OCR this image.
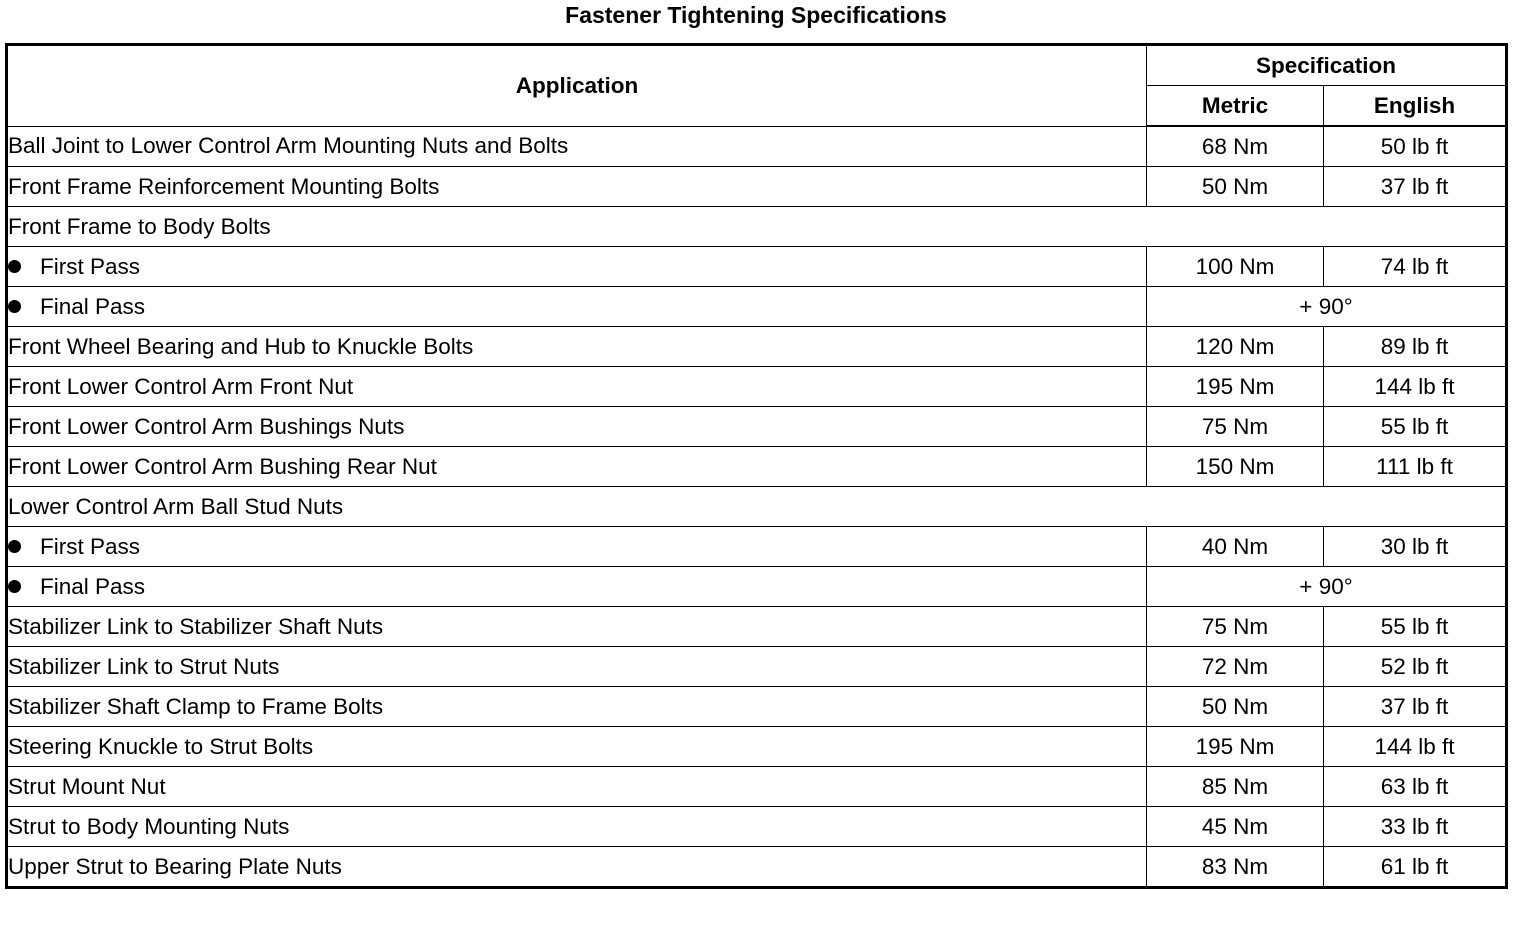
Fastener Tightening Specifications
Application	Specification	
	Metric	English
Ball Joint to Lower Control Arm Mounting Nuts and Bolts	68 Nm	50 lb ft
Front Frame Reinforcement Mounting Bolts	50 Nm	37 lb ft
Front Frame to Body Bolts		
First Pass	100 Nm	74 lb ft
Final Pass	+ 90°	
Front Wheel Bearing and Hub to Knuckle Bolts	120 Nm	89 lb ft
Front Lower Control Arm Front Nut	195 Nm	144 lb ft
Front Lower Control Arm Bushings Nuts	75 Nm	55 lb ft
Front Lower Control Arm Bushing Rear Nut	150 Nm	111 lb ft
Lower Control Arm Ball Stud Nuts		
First Pass	40 Nm	30 lb ft
Final Pass	+ 90°	
Stabilizer Link to Stabilizer Shaft Nuts	75 Nm	55 lb ft
Stabilizer Link to Strut Nuts	72 Nm	52 lb ft
Stabilizer Shaft Clamp to Frame Bolts	50 Nm	37 lb ft
Steering Knuckle to Strut Bolts	195 Nm	144 lb ft
Strut Mount Nut	85 Nm	63 lb ft
Strut to Body Mounting Nuts	45 Nm	33 lb ft
Upper Strut to Bearing Plate Nuts	83 Nm	61 lb ft
